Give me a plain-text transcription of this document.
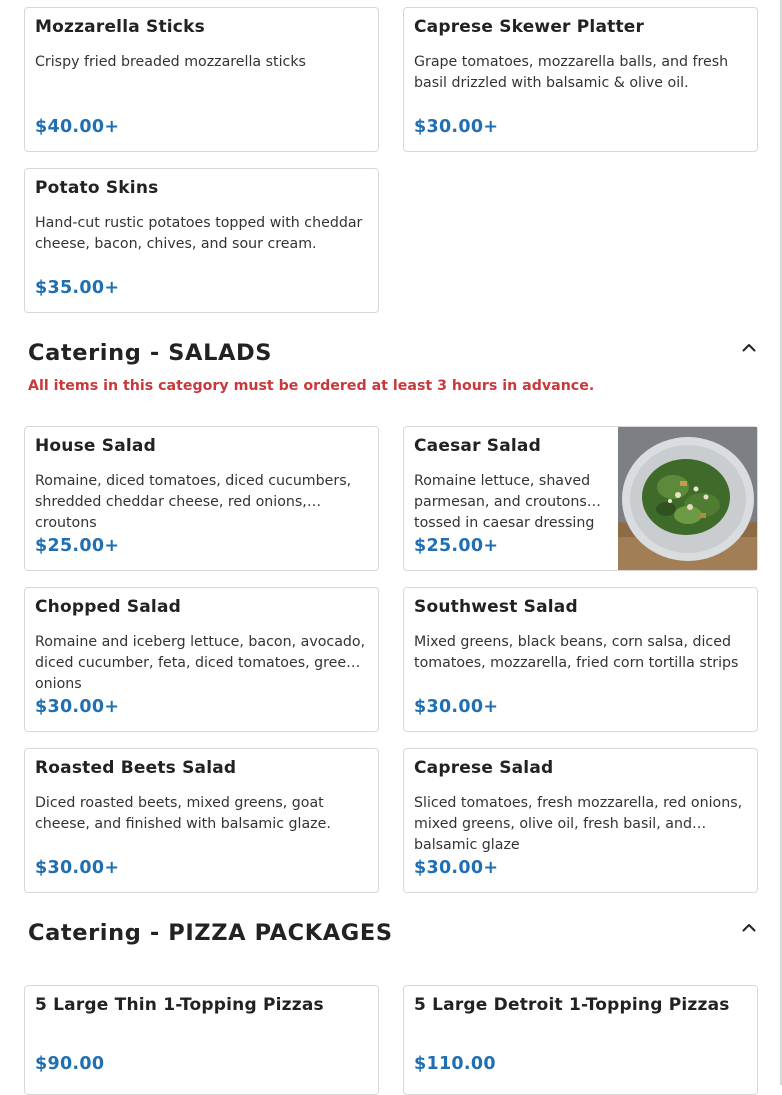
Mozzarella Sticks
Crispy fried breaded mozzarella sticks
$40.00+
Caprese Skewer Platter
Grape tomatoes, mozzarella balls, and fresh basil drizzled with balsamic & olive oil.
$30.00+
Potato Skins
Hand-cut rustic potatoes topped with cheddar cheese, bacon, chives, and sour cream.
$35.00+
Catering - SALADS
All items in this category must be ordered at least 3 hours in advance.
House Salad
Romaine, diced tomatoes, diced cucumbers, shredded cheddar cheese, red onions, croutons
$25.00+
Caesar Salad
Romaine lettuce, shaved parmesan, and croutons tossed in caesar dressing
$25.00+
Chopped Salad
Romaine and iceberg lettuce, bacon, avocado, diced cucumber, feta, diced tomatoes, green onions
$30.00+
Southwest Salad
Mixed greens, black beans, corn salsa, diced tomatoes, mozzarella, fried corn tortilla strips
$30.00+
Roasted Beets Salad
Diced roasted beets, mixed greens, goat cheese, and finished with balsamic glaze.
$30.00+
Caprese Salad
Sliced tomatoes, fresh mozzarella, red onions, mixed greens, olive oil, fresh basil, and balsamic glaze
$30.00+
Catering - PIZZA PACKAGES
5 Large Thin 1-Topping Pizzas
$90.00
5 Large Detroit 1-Topping Pizzas
$110.00
